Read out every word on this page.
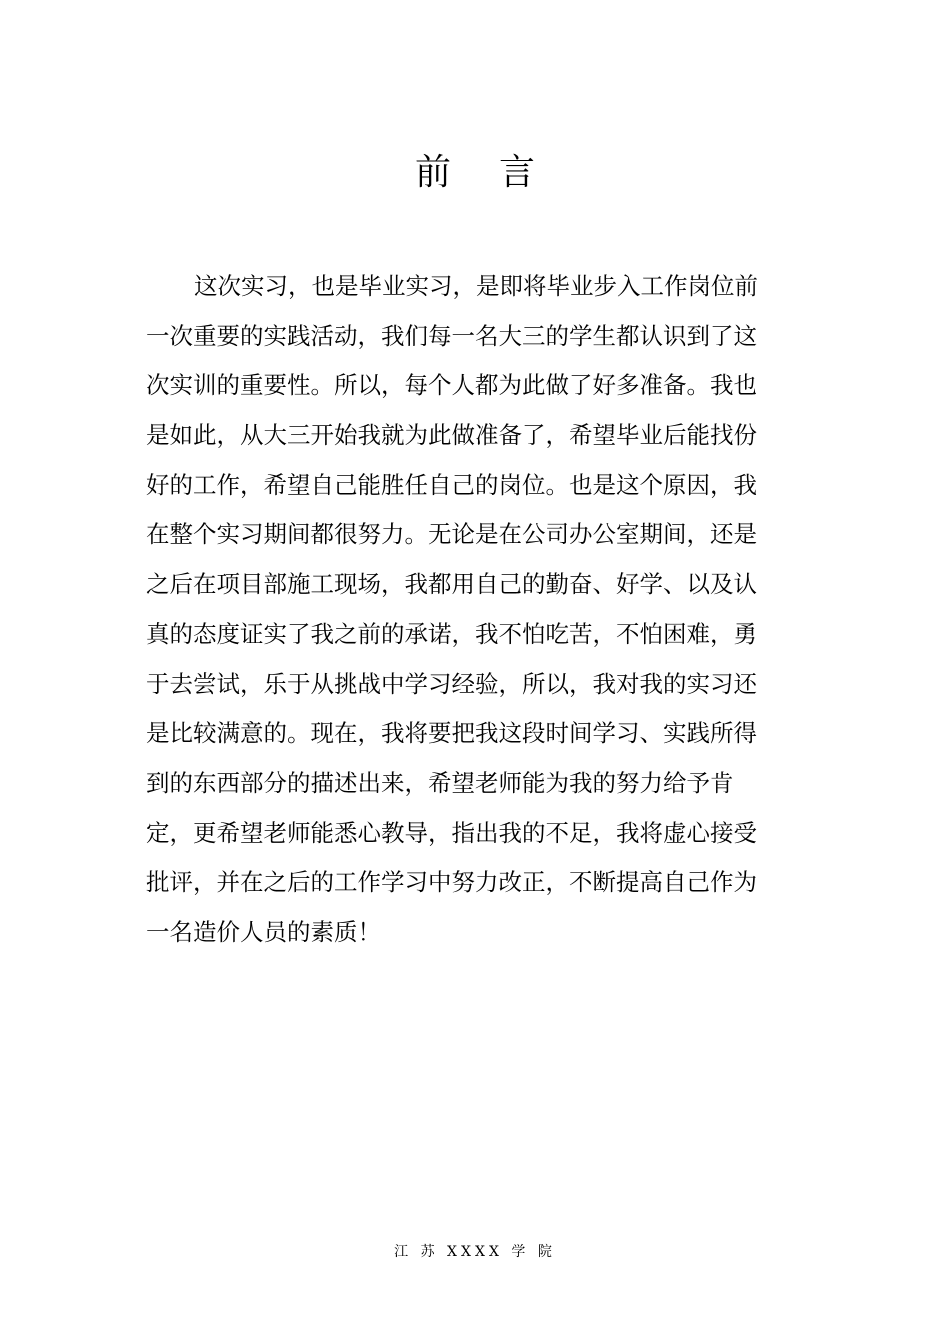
前 言
这次实习，也是毕业实习，是即将毕业步入工作岗位前
一次重要的实践活动，我们每一名大三的学生都认识到了这
次实训的重要性。所以，每个人都为此做了好多准备。我也
是如此，从大三开始我就为此做准备了，希望毕业后能找份
好的工作，希望自己能胜任自己的岗位。也是这个原因，我
在整个实习期间都很努力。无论是在公司办公室期间，还是
之后在项目部施工现场，我都用自己的勤奋、好学、以及认
真的态度证实了我之前的承诺，我不怕吃苦，不怕困难，勇
于去尝试，乐于从挑战中学习经验，所以，我对我的实习还
是比较满意的。现在，我将要把我这段时间学习、实践所得
到的东西部分的描述出来，希望老师能为我的努力给予肯
定，更希望老师能悉心教导，指出我的不足，我将虚心接受
批评，并在之后的工作学习中努力改正，不断提高自己作为
一名造价人员的素质！
江 苏 XXXX 学 院
